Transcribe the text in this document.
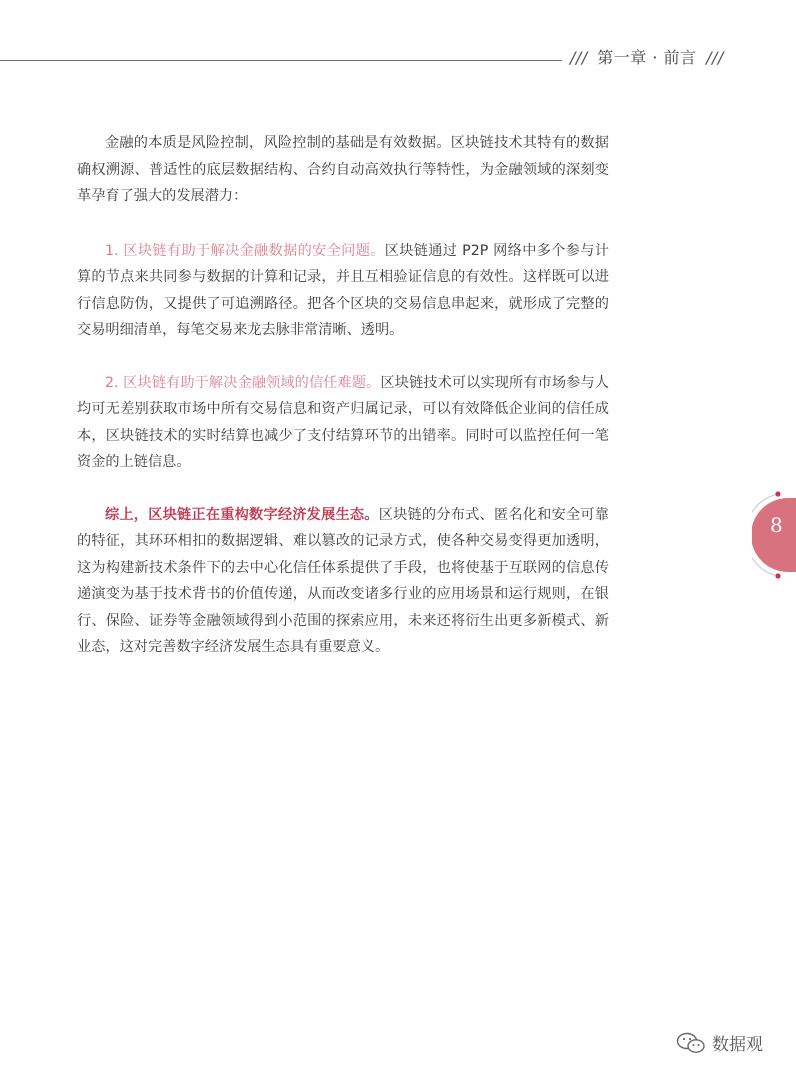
/// 第一章 · 前言 ///

金融的本质是风险控制，风险控制的基础是有效数据。区块链技术其特有的数据确权溯源、普适性的底层数据结构、合约自动高效执行等特性，为金融领域的深刻变革孕育了强大的发展潜力：

1. 区块链有助于解决金融数据的安全问题。区块链通过 P2P 网络中多个参与计算的节点来共同参与数据的计算和记录，并且互相验证信息的有效性。这样既可以进行信息防伪，又提供了可追溯路径。把各个区块的交易信息串起来，就形成了完整的交易明细清单，每笔交易来龙去脉非常清晰、透明。

2. 区块链有助于解决金融领域的信任难题。区块链技术可以实现所有市场参与人均可无差别获取市场中所有交易信息和资产归属记录，可以有效降低企业间的信任成本，区块链技术的实时结算也减少了支付结算环节的出错率。同时可以监控任何一笔资金的上链信息。

综上，区块链正在重构数字经济发展生态。区块链的分布式、匿名化和安全可靠的特征，其环环相扣的数据逻辑、难以篡改的记录方式，使各种交易变得更加透明，这为构建新技术条件下的去中心化信任体系提供了手段，也将使基于互联网的信息传递演变为基于技术背书的价值传递，从而改变诸多行业的应用场景和运行规则，在银行、保险、证券等金融领域得到小范围的探索应用，未来还将衍生出更多新模式、新业态，这对完善数字经济发展生态具有重要意义。

8
数据观
